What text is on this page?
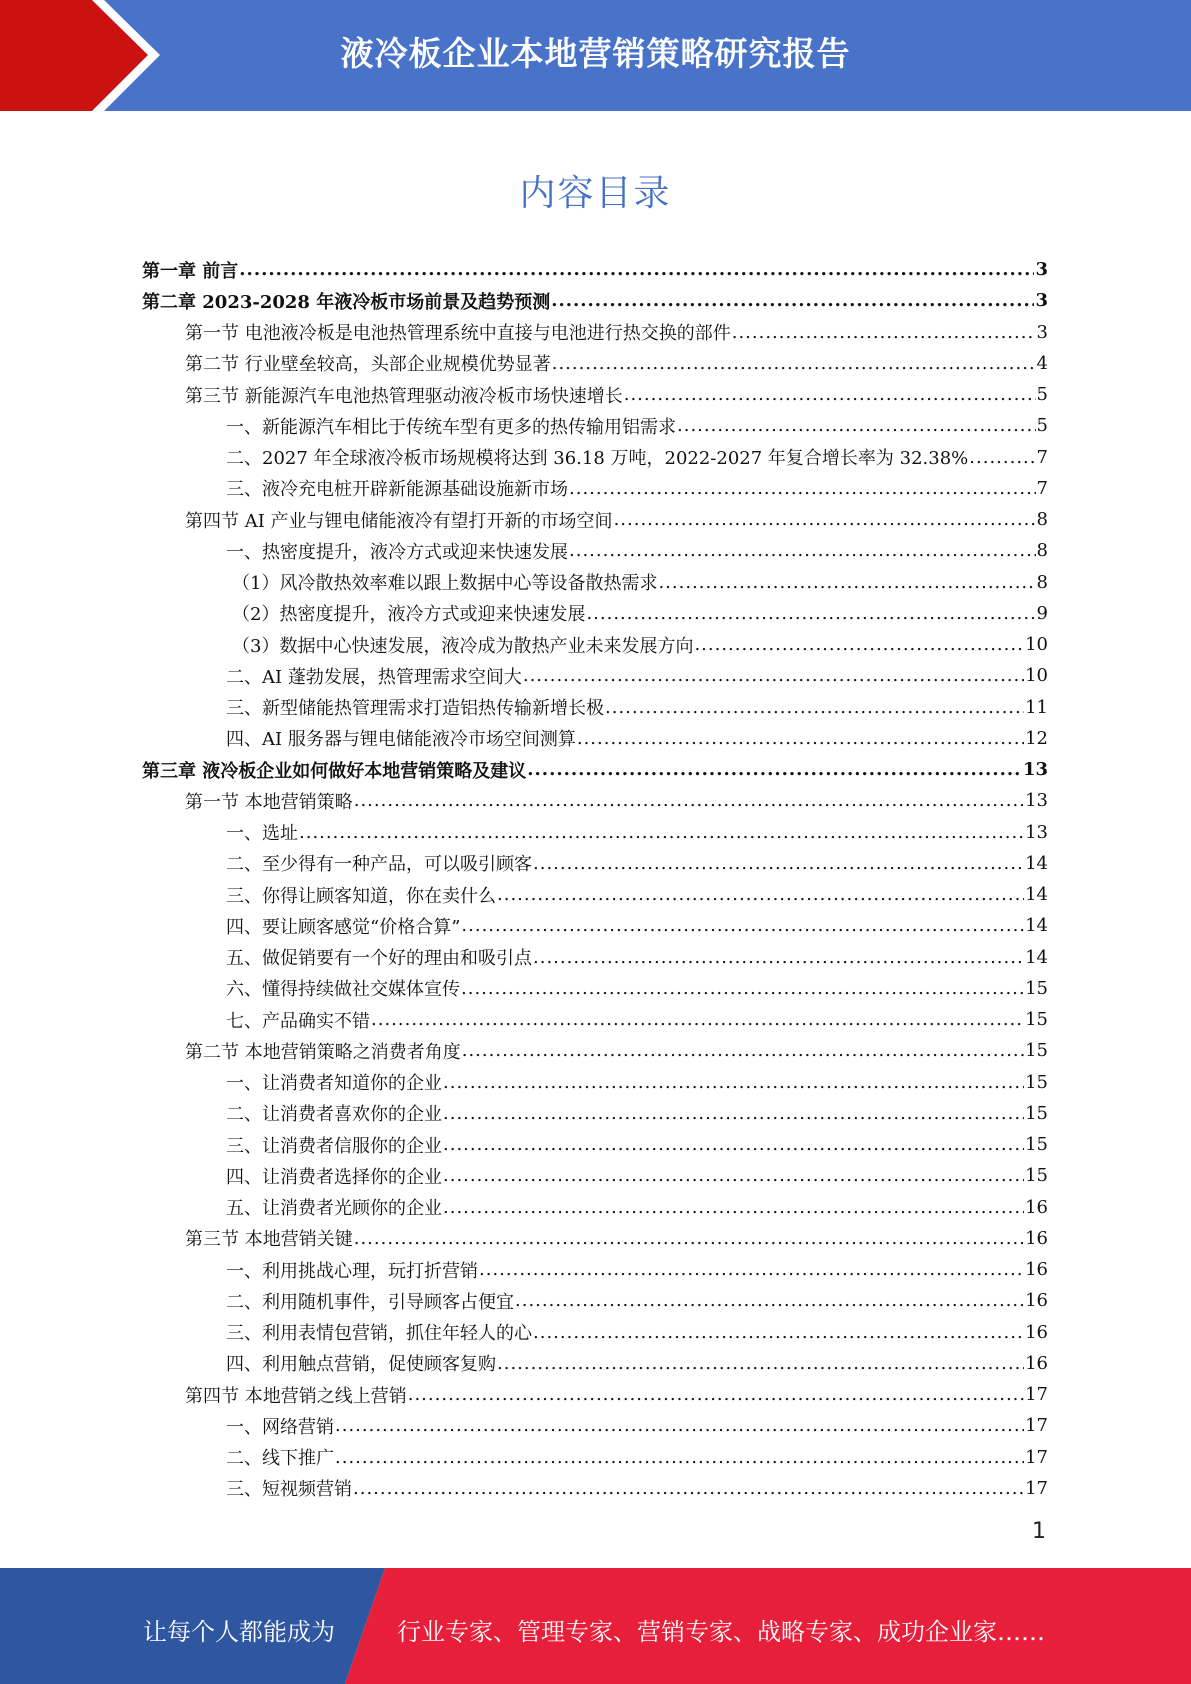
液冷板企业本地营销策略研究报告
内容目录
第一章 前言 .....	3
第二章 2023-2028 年液冷板市场前景及趋势预测 .....	3
第一节 电池液冷板是电池热管理系统中直接与电池进行热交换的部件 .....	3
第二节 行业壁垒较高，头部企业规模优势显著 .....	4
第三节 新能源汽车电池热管理驱动液冷板市场快速增长 .....	5
一、新能源汽车相比于传统车型有更多的热传输用铝需求 .....	5
二、2027 年全球液冷板市场规模将达到 36.18 万吨，2022-2027 年复合增长率为 32.38% .....	7
三、液冷充电桩开辟新能源基础设施新市场 .....	7
第四节 AI 产业与锂电储能液冷有望打开新的市场空间 .....	8
一、热密度提升，液冷方式或迎来快速发展 .....	8
（1）风冷散热效率难以跟上数据中心等设备散热需求 .....	8
（2）热密度提升，液冷方式或迎来快速发展 .....	9
（3）数据中心快速发展，液冷成为散热产业未来发展方向 .....	10
二、AI 蓬勃发展，热管理需求空间大 .....	10
三、新型储能热管理需求打造铝热传输新增长极 .....	11
四、AI 服务器与锂电储能液冷市场空间测算 .....	12
第三章 液冷板企业如何做好本地营销策略及建议 .....	13
第一节 本地营销策略 .....	13
一、选址 .....	13
二、至少得有一种产品，可以吸引顾客 .....	14
三、你得让顾客知道，你在卖什么 .....	14
四、要让顾客感觉“价格合算” .....	14
五、做促销要有一个好的理由和吸引点 .....	14
六、懂得持续做社交媒体宣传 .....	15
七、产品确实不错 .....	15
第二节 本地营销策略之消费者角度 .....	15
一、让消费者知道你的企业 .....	15
二、让消费者喜欢你的企业 .....	15
三、让消费者信服你的企业 .....	15
四、让消费者选择你的企业 .....	15
五、让消费者光顾你的企业 .....	16
第三节 本地营销关键 .....	16
一、利用挑战心理，玩打折营销 .....	16
二、利用随机事件，引导顾客占便宜 .....	16
三、利用表情包营销，抓住年轻人的心 .....	16
四、利用触点营销，促使顾客复购 .....	16
第四节 本地营销之线上营销 .....	17
一、网络营销 .....	17
二、线下推广 .....	17
三、短视频营销 .....	17
1
让每个人都能成为	行业专家、管理专家、营销专家、战略专家、成功企业家……
